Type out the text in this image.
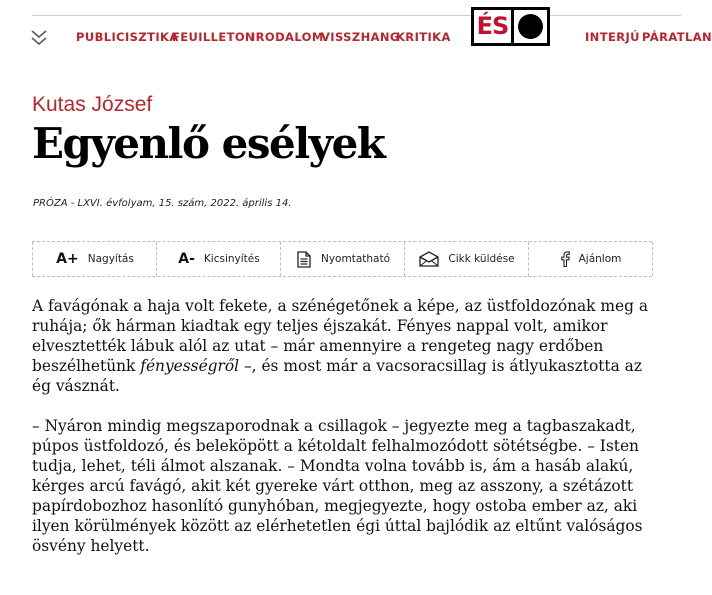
PUBLICISZTIKA
FEUILLETON
IRODALOM
VISSZHANG
KRITIKA	INTERJÚ PÁRATLAN
ÉS
Kutas József
Egyenlő esélyek
PRÓZA - LXVI. évfolyam, 15. szám, 2022. április 14.
A+ Nagyítás	A- Kicsinyítés	Nyomtatható	Cikk küldése	Ajánlom

A favágónak a haja volt fekete, a szénégetőnek a képe, az üstfoldozónak meg a ruhája; ők hárman kiadtak egy teljes éjszakát. Fényes nappal volt, amikor elvesztették lábuk alól az utat – már amennyire a rengeteg nagy erdőben beszélhetünk fényességről –, és most már a vacsoracsillag is átlyukasztotta az ég vásznát.

– Nyáron mindig megszaporodnak a csillagok – jegyezte meg a tagbaszakadt, púpos üstfoldozó, és beleköpött a kétoldalt felhalmozódott sötétségbe. – Isten tudja, lehet, téli álmot alszanak. – Mondta volna tovább is, ám a hasáb alakú, kérges arcú favágó, akit két gyereke várt otthon, meg az asszony, a szétázott papírdobozhoz hasonlító gunyhóban, megjegyezte, hogy ostoba ember az, aki ilyen körülmények között az elérhetetlen égi úttal bajlódik az eltűnt valóságos ösvény helyett.
